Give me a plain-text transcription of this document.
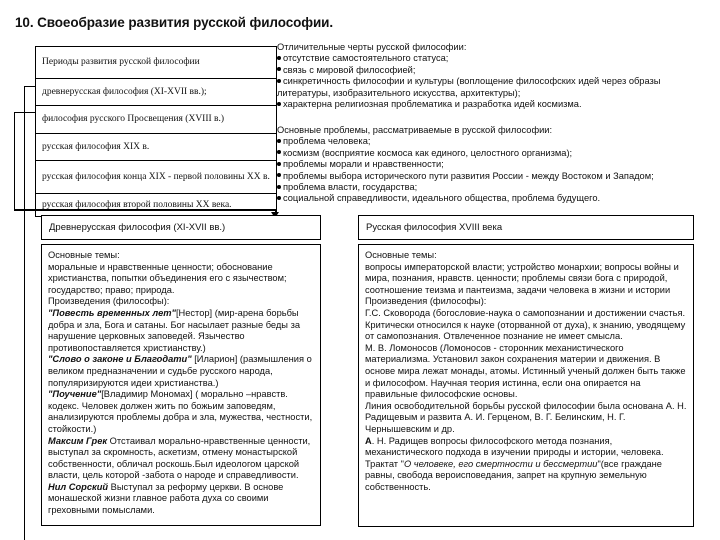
10. Своеобразие развития русской философии.
Периоды развития русской философии
древнерусская философия (XI-XVII вв.);
философия русского Просвещения (XVIII в.)
русская философия XIX в.
русская философия конца XIX - первой половины XX в.
русская философия второй половины XX века.
Отличительные черты русской философии:
отсутствие самостоятельного статуса;
связь с мировой философией;
синкретичность философии и культуры (воплощение философских идей через образы
литературы, изобразительного искусства, архитектуры);
характерна религиозная проблематика и разработка идей космизма.
Основные проблемы, рассматриваемые в русской философии:
проблема человека;
космизм (восприятие космоса как единого, целостного организма);
проблемы морали и нравственности;
проблемы выбора исторического пути развития России - между Востоком и Западом;
проблема власти, государства;
социальной справедливости, идеального общества, проблема будущего.
Древнерусская философия (XI-XVII вв.)
Основные темы:
моральные и нравственные ценности; обоснование христианства, попытки объединения его с язычеством; государство; право; природа.
Произведения (философы):
"Повесть временных лет"[Нестор] (мир-арена борьбы добра и зла, Бога и сатаны. Бог насылает разные беды за нарушение церковных заповедей. Язычество противопоставляется христианству.)
"Слово о законе и Благодати" [Иларион] (размышления о великом предназначении и судьбе русского народа, популяризируются идеи христианства.)
"Поучение"[Владимир Мономах] ( морально –нравств. кодекс. Человек должен жить по божьим заповедям, анализируются проблемы добра и зла, мужества, честности, стойкости.)
Максим Грек Отстаивал морально-нравственные ценности, выступал за скромность, аскетизм, отмену монастырской собственности, обличал роскошь.Был идеологом царской власти, цель которой -забота о народе и справедливости.
Нил Сорский Выступал за реформу церкви. В основе монашеской жизни главное работа духа со своими греховными помыслами.
Русская философия XVIII века
Основные темы:
вопросы императорской власти; устройство монархии; вопросы войны и мира, познания, нравств. ценности; проблемы связи бога с природой, соотношение теизма и пантеизма, задачи человека в жизни и истории
Произведения (философы):
Г.С. Сковорода (богословие-наука о самопознании и достижении счастья. Критически относился к науке (оторванной от духа), к знанию, уводящему от самопознания. Отвлеченное познание не имеет смысла.
М. В. Ломоносов (Ломоносов - сторонник механистического материализма. Установил закон сохранения материи и движения. В основе мира лежат монады, атомы. Истинный ученый должен быть также и философом. Научная теория истинна, если она опирается на правильные философские основы.
Линия освободительной борьбы русской философии была основана А. Н. Радищевым и развита А. И. Герценом, В. Г. Белинским, Н. Г. Чернышевским и др.
А. Н. Радищев вопросы философского метода познания, механистического подхода в изучении природы и истории, человека. Трактат "О человеке, его смертности и бессмертии"(все граждане равны, свобода вероисповедания, запрет на крупную земельную собственность.
